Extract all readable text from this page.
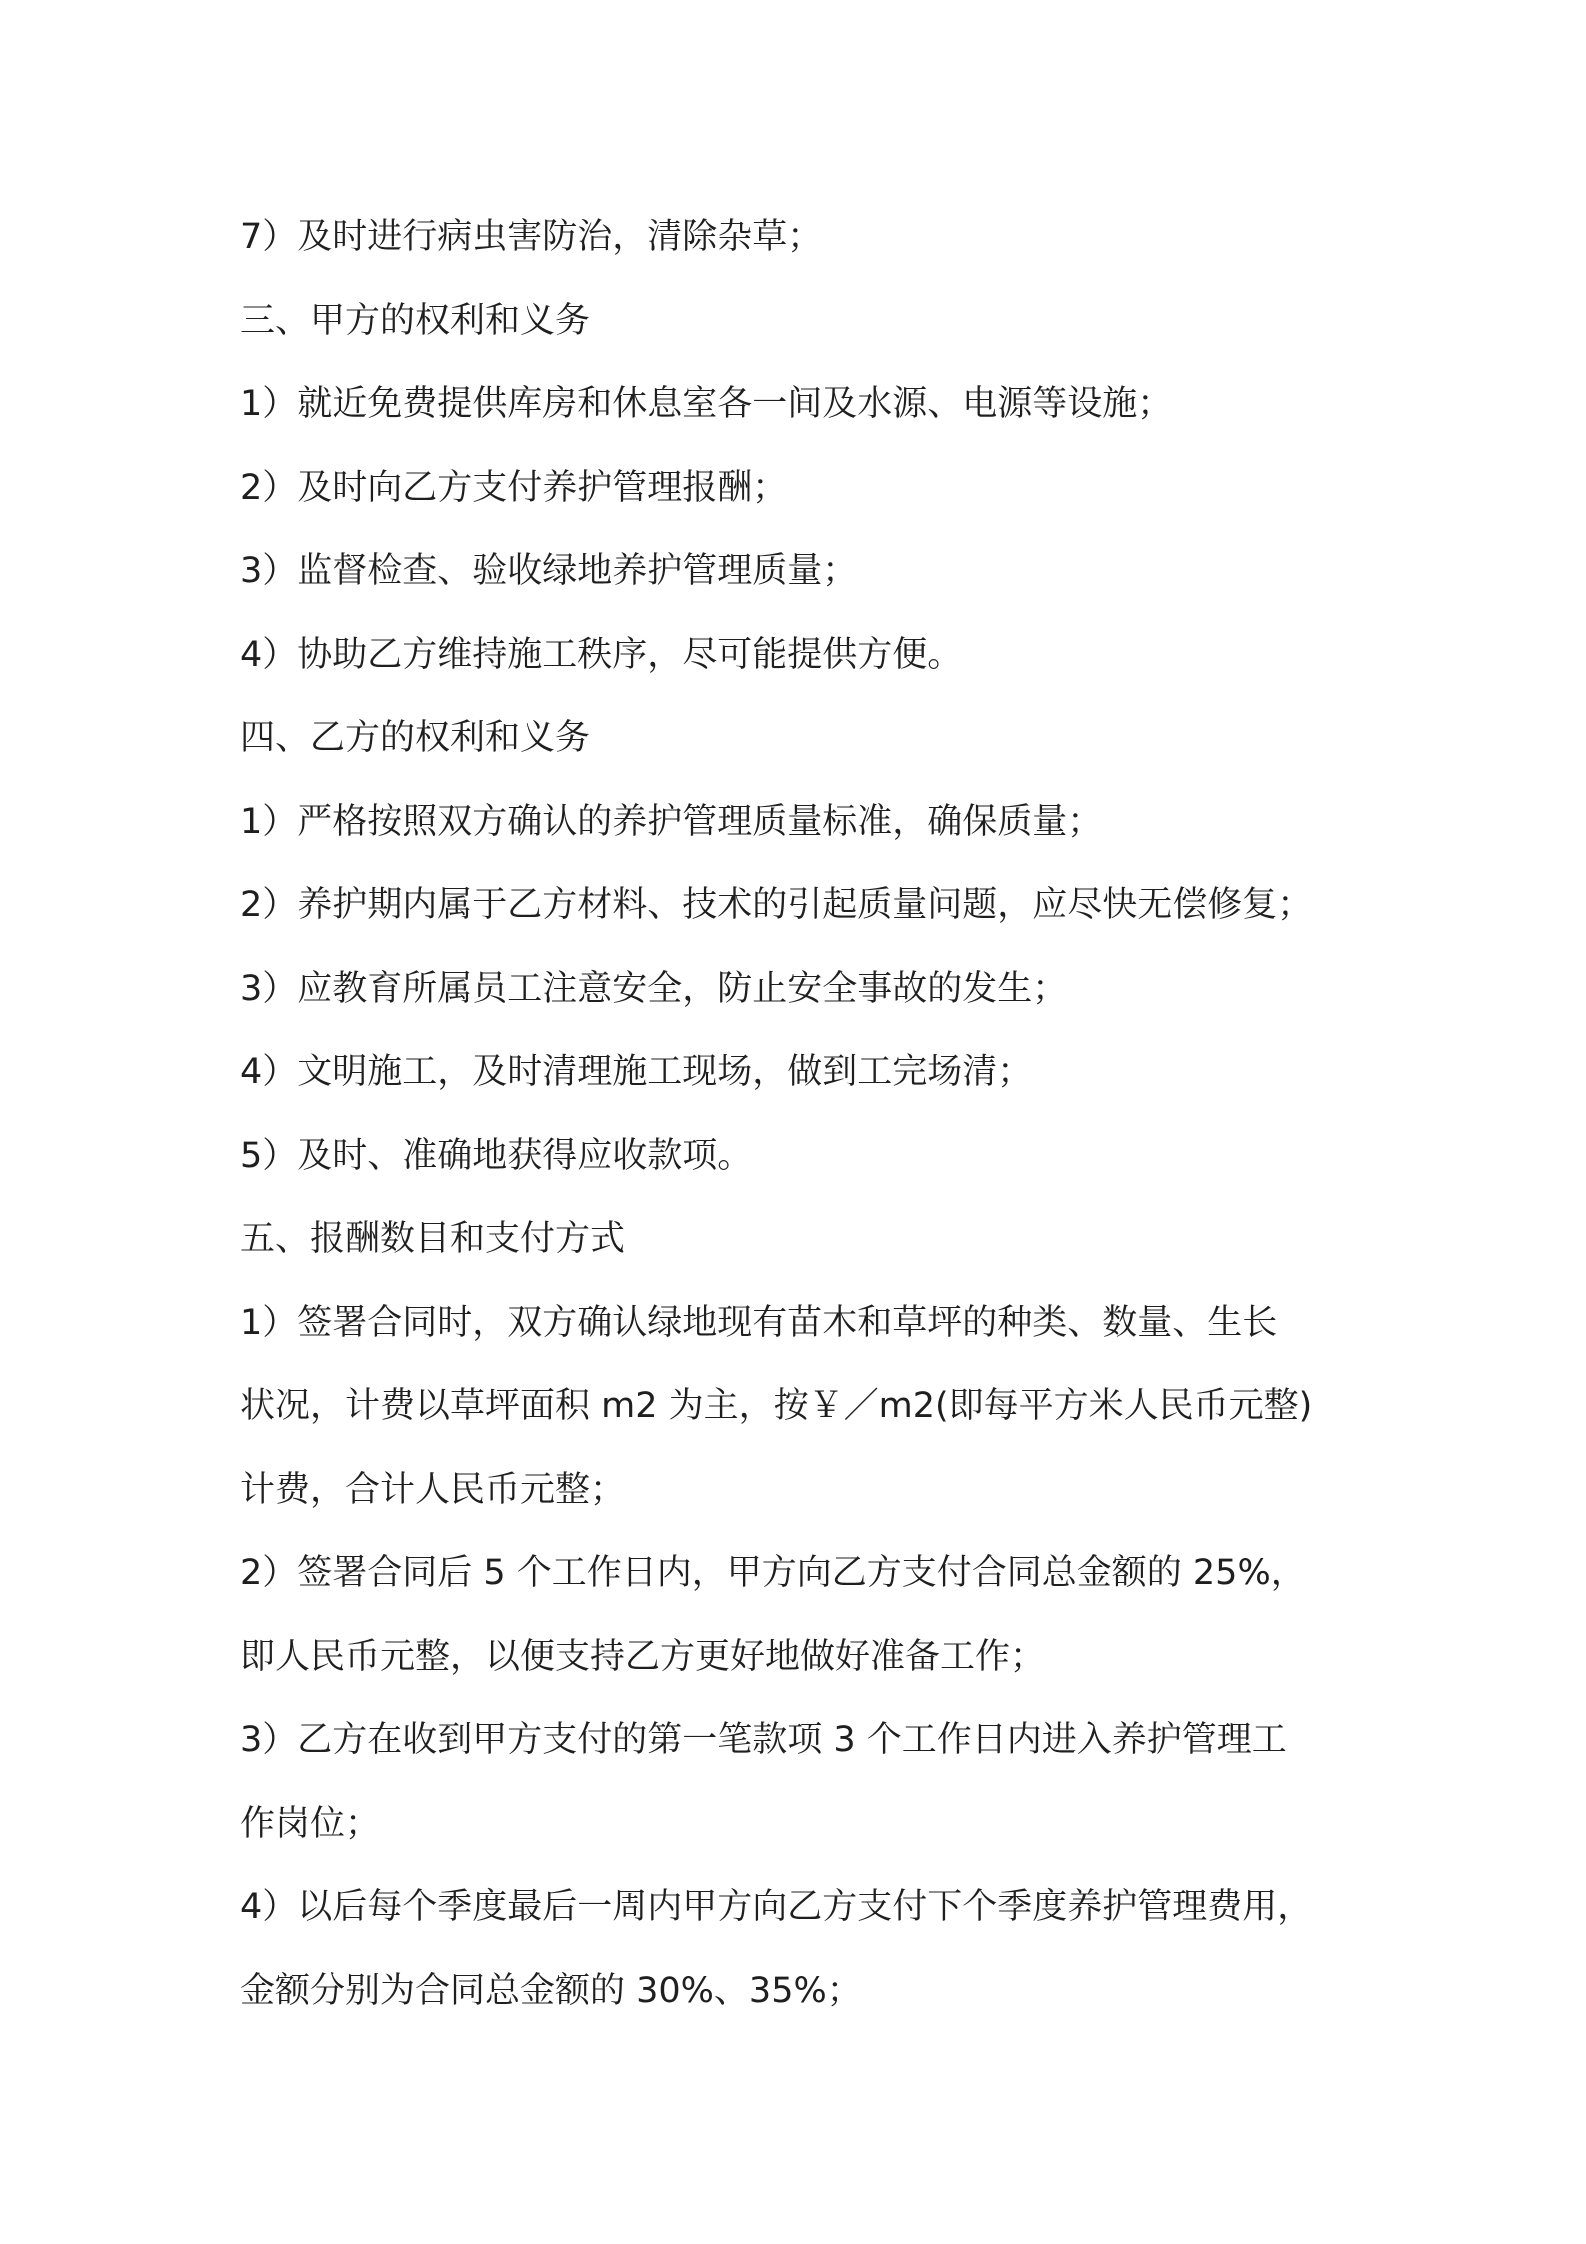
7）及时进行病虫害防治，清除杂草；
三、甲方的权利和义务
1）就近免费提供库房和休息室各一间及水源、电源等设施；
2）及时向乙方支付养护管理报酬；
3）监督检查、验收绿地养护管理质量；
4）协助乙方维持施工秩序，尽可能提供方便。
四、乙方的权利和义务
1）严格按照双方确认的养护管理质量标准，确保质量；
2）养护期内属于乙方材料、技术的引起质量问题，应尽快无偿修复；
3）应教育所属员工注意安全，防止安全事故的发生；
4）文明施工，及时清理施工现场，做到工完场清；
5）及时、准确地获得应收款项。
五、报酬数目和支付方式
1）签署合同时，双方确认绿地现有苗木和草坪的种类、数量、生长
状况，计费以草坪面积 m2 为主，按￥／m2(即每平方米人民币元整)
计费，合计人民币元整；
2）签署合同后 5 个工作日内，甲方向乙方支付合同总金额的 25%，
即人民币元整，以便支持乙方更好地做好准备工作；
3）乙方在收到甲方支付的第一笔款项 3 个工作日内进入养护管理工
作岗位；
4）以后每个季度最后一周内甲方向乙方支付下个季度养护管理费用，
金额分别为合同总金额的 30%、35%；
